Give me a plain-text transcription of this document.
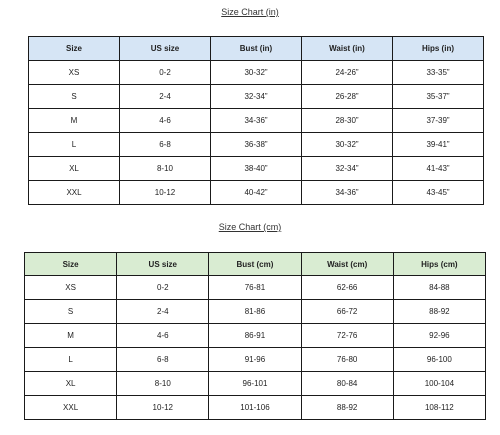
Size Chart (in)
Size	US size	Bust (in)	Waist (in)	Hips (in)
XS	0-2	30-32”	24-26”	33-35”
S	2-4	32-34”	26-28”	35-37”
M	4-6	34-36”	28-30”	37-39”
L	6-8	36-38”	30-32”	39-41”
XL	8-10	38-40”	32-34”	41-43”
XXL	10-12	40-42”	34-36”	43-45”
Size Chart (cm)
Size	US size	Bust (cm)	Waist (cm)	Hips (cm)
XS	0-2	76-81	62-66	84-88
S	2-4	81-86	66-72	88-92
M	4-6	86-91	72-76	92-96
L	6-8	91-96	76-80	96-100
XL	8-10	96-101	80-84	100-104
XXL	10-12	101-106	88-92	108-112
